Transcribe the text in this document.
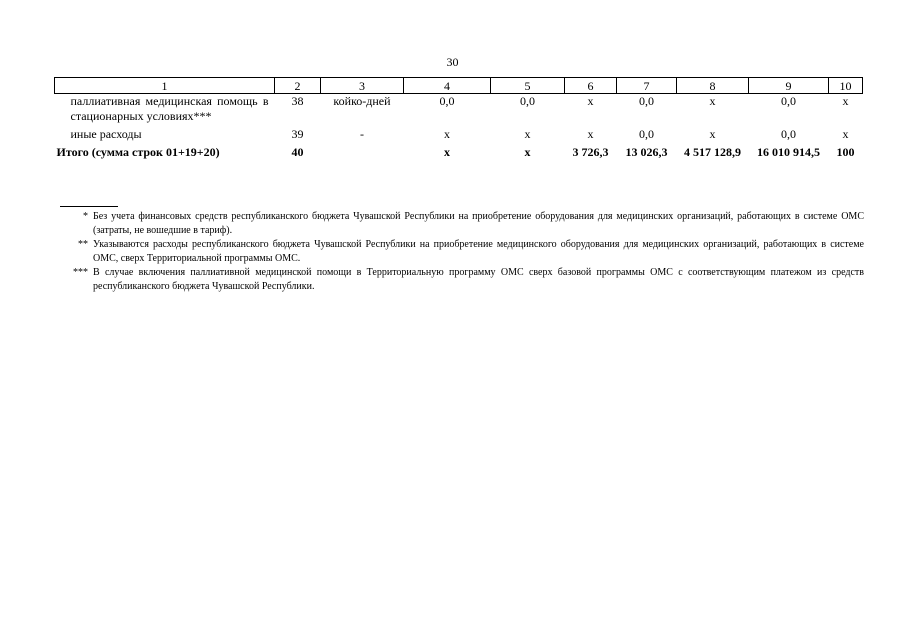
30
1	2	3	4	5	6	7	8	9	10
паллиативная медицинская помощь в стационарных условиях***	38	койко-дней	0,0	0,0	х	0,0	х	0,0	х
иные расходы	39	-	х	х	х	0,0	х	0,0	х
Итого (сумма строк 01+19+20)	40		х	х	3 726,3	13 026,3	4 517 128,9	16 010 914,5	100
* Без учета финансовых средств республиканского бюджета Чувашской Республики на приобретение оборудования для медицинских организаций, работающих в системе ОМС (затраты, не вошедшие в тариф).
** Указываются расходы республиканского бюджета Чувашской Республики на приобретение медицинского оборудования для медицинских организаций, работающих в системе ОМС, сверх Территориальной программы ОМС.
*** В случае включения паллиативной медицинской помощи в Территориальную программу ОМС сверх базовой программы ОМС с соответствующим платежом из средств республиканского бюджета Чувашской Республики.
